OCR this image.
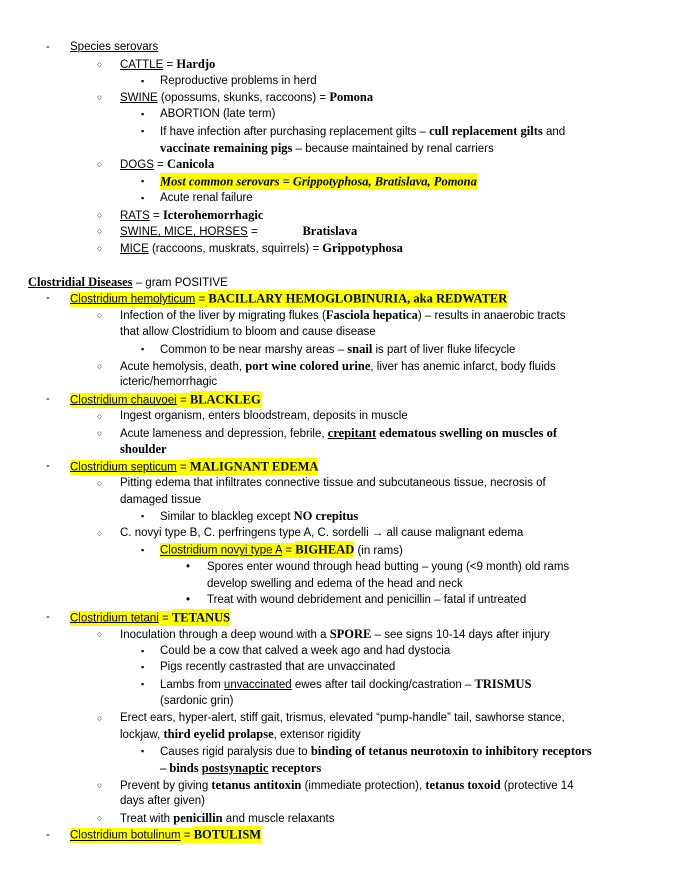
- Species serovars
○ CATTLE = Hardjo
▪ Reproductive problems in herd
○ SWINE (opossums, skunks, raccoons) = Pomona
▪ ABORTION (late term)
▪ If have infection after purchasing replacement gilts – cull replacement gilts and
vaccinate remaining pigs – because maintained by renal carriers
○ DOGS = Canicola
▪ Most common serovars = Grippotyphosa, Bratislava, Pomona
▪ Acute renal failure
○ RATS = Icterohemorrhagic
○ SWINE, MICE, HORSES =              Bratislava
○ MICE (raccoons, muskrats, squirrels) = Grippotyphosa
Clostridial Diseases – gram POSITIVE
- Clostridium hemolyticum = BACILLARY HEMOGLOBINURIA, aka REDWATER
○ Infection of the liver by migrating flukes (Fasciola hepatica) – results in anaerobic tracts
that allow Clostridium to bloom and cause disease
▪ Common to be near marshy areas – snail is part of liver fluke lifecycle
○ Acute hemolysis, death, port wine colored urine, liver has anemic infarct, body fluids
icteric/hemorrhagic
- Clostridium chauvoei = BLACKLEG
○ Ingest organism, enters bloodstream, deposits in muscle
○ Acute lameness and depression, febrile, crepitant edematous swelling on muscles of
shoulder
- Clostridium septicum = MALIGNANT EDEMA
○ Pitting edema that infiltrates connective tissue and subcutaneous tissue, necrosis of
damaged tissue
▪ Similar to blackleg except NO crepitus
○ C. novyi type B, C. perfringens type A, C. sordelli → all cause malignant edema
▪ Clostridium novyi type A = BIGHEAD (in rams)
• Spores enter wound through head butting – young (<9 month) old rams
develop swelling and edema of the head and neck
• Treat with wound debridement and penicillin – fatal if untreated
- Clostridium tetani = TETANUS
○ Inoculation through a deep wound with a SPORE – see signs 10-14 days after injury
▪ Could be a cow that calved a week ago and had dystocia
▪ Pigs recently castrasted that are unvaccinated
▪ Lambs from unvaccinated ewes after tail docking/castration – TRISMUS
(sardonic grin)
○ Erect ears, hyper-alert, stiff gait, trismus, elevated “pump-handle” tail, sawhorse stance,
lockjaw, third eyelid prolapse, extensor rigidity
▪ Causes rigid paralysis due to binding of tetanus neurotoxin to inhibitory receptors
– binds postsynaptic receptors
○ Prevent by giving tetanus antitoxin (immediate protection), tetanus toxoid (protective 14
days after given)
○ Treat with penicillin and muscle relaxants
- Clostridium botulinum = BOTULISM
